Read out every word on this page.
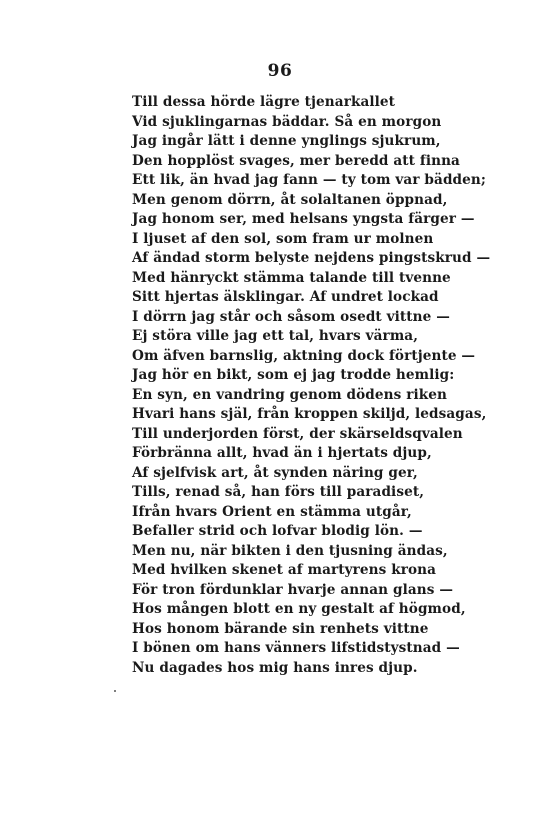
96
Till dessa hörde lägre tjenarkallet
Vid sjuklingarnas bäddar. Så en morgon
Jag ingår lätt i denne ynglings sjukrum,
Den hopplöst svages, mer beredd att finna
Ett lik, än hvad jag fann — ty tom var bädden;
Men genom dörrn, åt solaltanen öppnad,
Jag honom ser, med helsans yngsta färger —
I ljuset af den sol, som fram ur molnen
Af ändad storm belyste nejdens pingstskrud —
Med hänryckt stämma talande till tvenne
Sitt hjertas älsklingar. Af undret lockad
I dörrn jag står och såsom osedt vittne —
Ej störa ville jag ett tal, hvars värma,
Om äfven barnslig, aktning dock förtjente —
Jag hör en bikt, som ej jag trodde hemlig:
En syn, en vandring genom dödens riken
Hvari hans själ, från kroppen skiljd, ledsagas,
Till underjorden först, der skärseldsqvalen
Förbränna allt, hvad än i hjertats djup,
Af sjelfvisk art, åt synden näring ger,
Tills, renad så, han förs till paradiset,
Ifrån hvars Orient en stämma utgår,
Befaller strid och lofvar blodig lön. —
Men nu, när bikten i den tjusning ändas,
Med hvilken skenet af martyrens krona
För tron fördunklar hvarje annan glans —
Hos mången blott en ny gestalt af högmod,
Hos honom bärande sin renhets vittne
I bönen om hans vänners lifstidstystnad —
Nu dagades hos mig hans inres djup.
